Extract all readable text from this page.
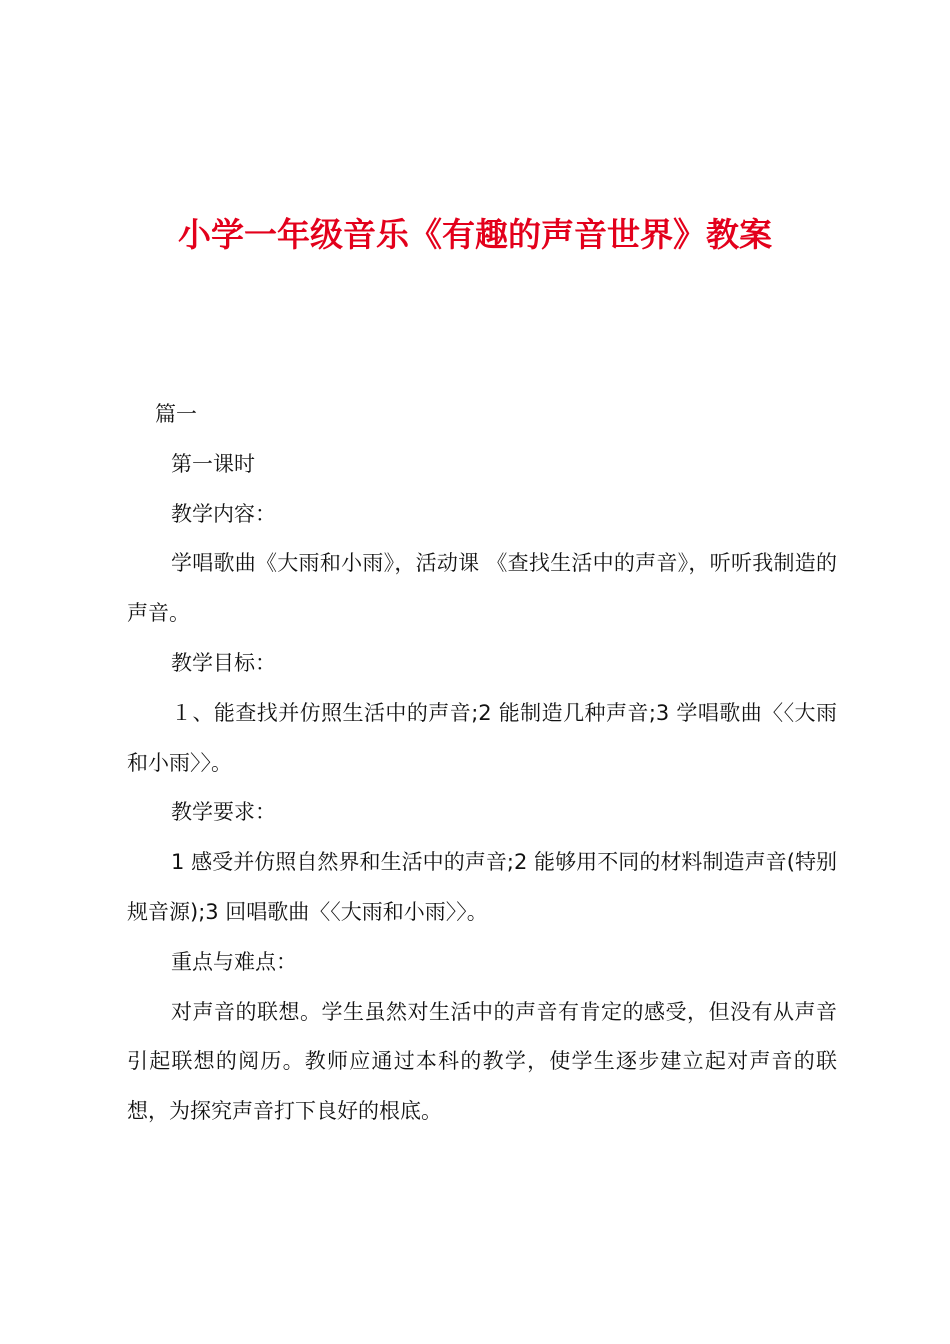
小学一年级音乐《有趣的声音世界》教案

篇一

第一课时

教学内容：

学唱歌曲《大雨和小雨》，活动课 《查找生活中的声音》，听听我制造的声音。

教学目标：

１、能查找并仿照生活中的声音;2 能制造几种声音;3 学唱歌曲〈〈大雨和小雨〉〉。

教学要求：

1 感受并仿照自然界和生活中的声音;2 能够用不同的材料制造声音(特别规音源);3 回唱歌曲〈〈大雨和小雨〉〉。

重点与难点：

对声音的联想。学生虽然对生活中的声音有肯定的感受，但没有从声音引起联想的阅历。教师应通过本科的教学，使学生逐步建立起对声音的联想，为探究声音打下良好的根底。
